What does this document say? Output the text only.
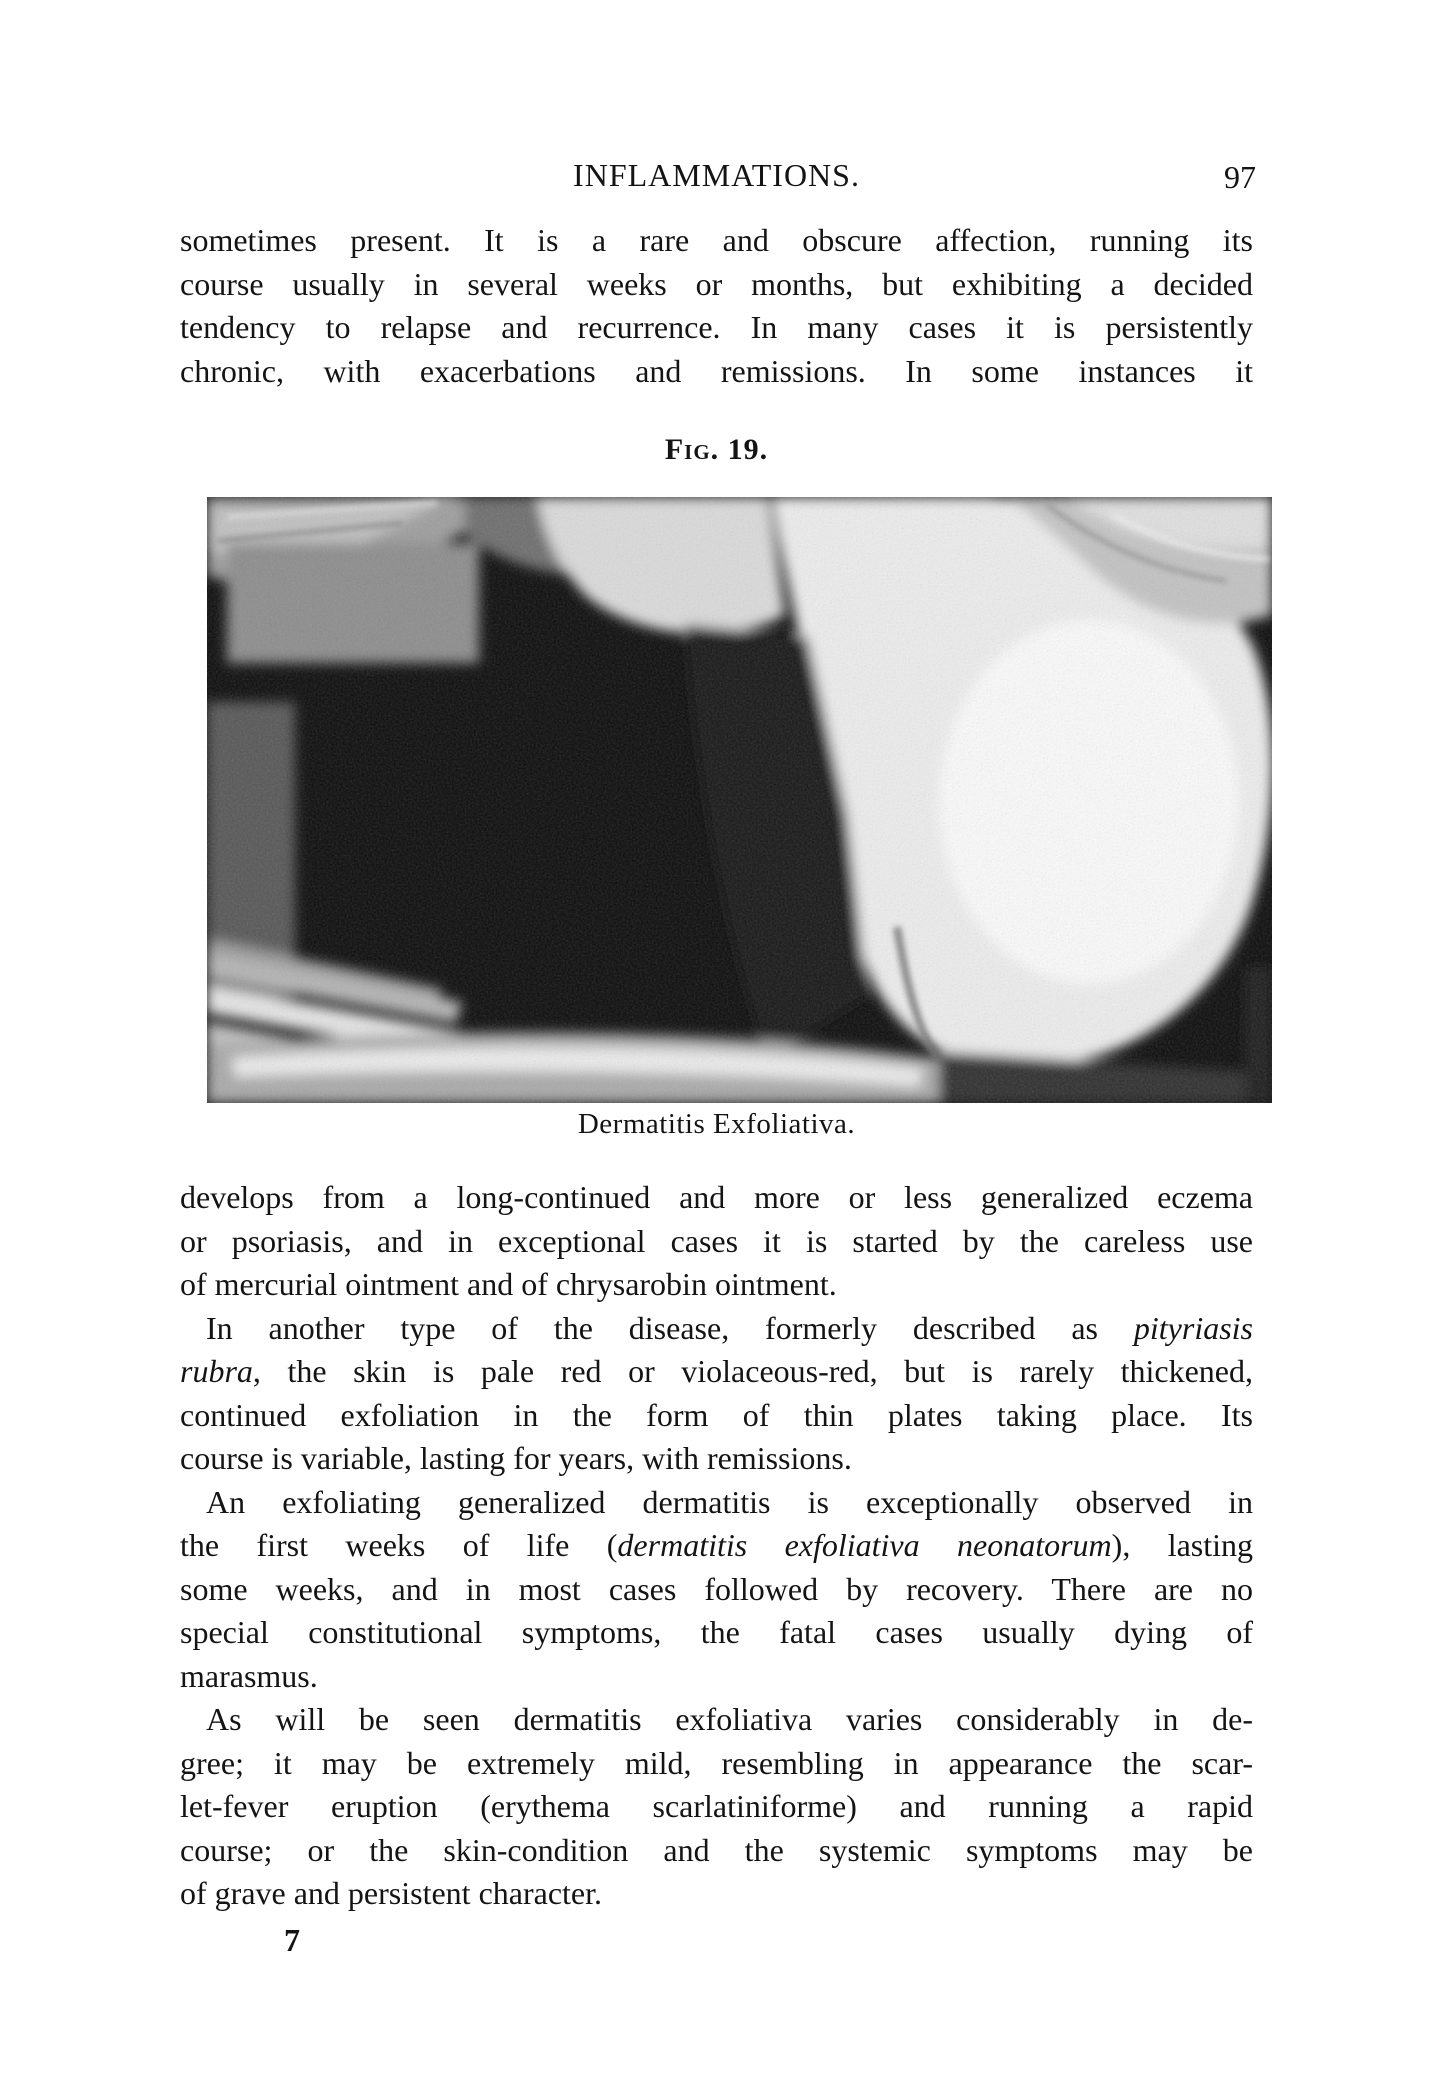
INFLAMMATIONS.	97
sometimes present. It is a rare and obscure affection, running its
course usually in several weeks or months, but exhibiting a decided
tendency to relapse and recurrence. In many cases it is persistently
chronic, with exacerbations and remissions. In some instances it
Fig. 19.
Dermatitis Exfoliativa.
develops from a long-continued and more or less generalized eczema
or psoriasis, and in exceptional cases it is started by the careless use
of mercurial ointment and of chrysarobin ointment.
In another type of the disease, formerly described as pityriasis
rubra, the skin is pale red or violaceous-red, but is rarely thickened,
continued exfoliation in the form of thin plates taking place. Its
course is variable, lasting for years, with remissions.
An exfoliating generalized dermatitis is exceptionally observed in
the first weeks of life (dermatitis exfoliativa neonatorum), lasting
some weeks, and in most cases followed by recovery. There are no
special constitutional symptoms, the fatal cases usually dying of
marasmus.
As will be seen dermatitis exfoliativa varies considerably in de-
gree; it may be extremely mild, resembling in appearance the scar-
let-fever eruption (erythema scarlatiniforme) and running a rapid
course; or the skin-condition and the systemic symptoms may be
of grave and persistent character.
7
